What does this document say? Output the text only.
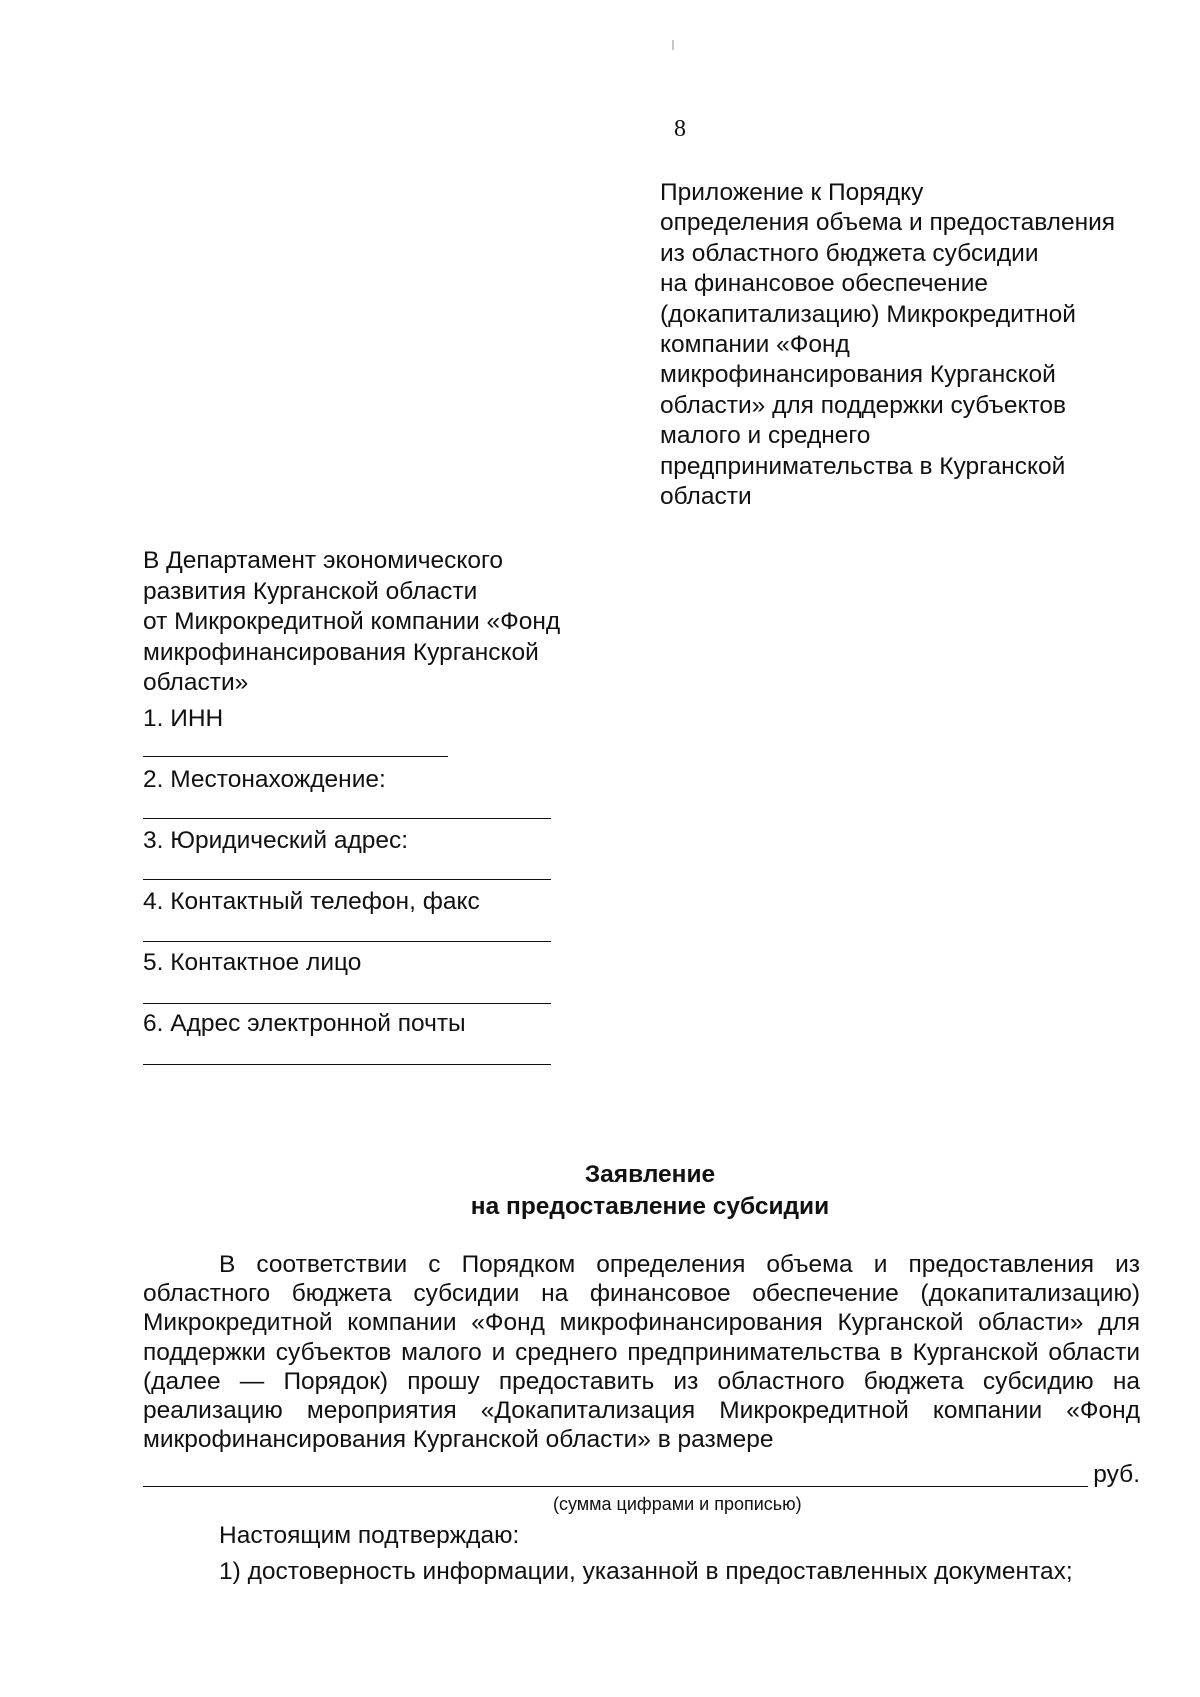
8
Приложение к Порядку
определения объема и предоставления
из областного бюджета субсидии
на финансовое обеспечение
(докапитализацию) Микрокредитной
компании «Фонд
микрофинансирования Курганской
области» для поддержки субъектов
малого и среднего
предпринимательства в Курганской
области
В Департамент экономического
развития Курганской области
от Микрокредитной компании «Фонд
микрофинансирования Курганской
области»
1. ИНН
2. Местонахождение:
3. Юридический адрес:
4. Контактный телефон, факс
5. Контактное лицо
6. Адрес электронной почты
Заявление
на предоставление субсидии
В соответствии с Порядком определения объема и предоставления из областного бюджета субсидии на финансовое обеспечение (докапитализацию) Микрокредитной компании «Фонд микрофинансирования Курганской области» для поддержки субъектов малого и среднего предпринимательства в Курганской области (далее — Порядок) прошу предоставить из областного бюджета субсидию на реализацию мероприятия «Докапитализация Микрокредитной компании «Фонд микрофинансирования Курганской области» в размере
руб.
(сумма цифрами и прописью)
Настоящим подтверждаю:
1) достоверность информации, указанной в предоставленных документах;
